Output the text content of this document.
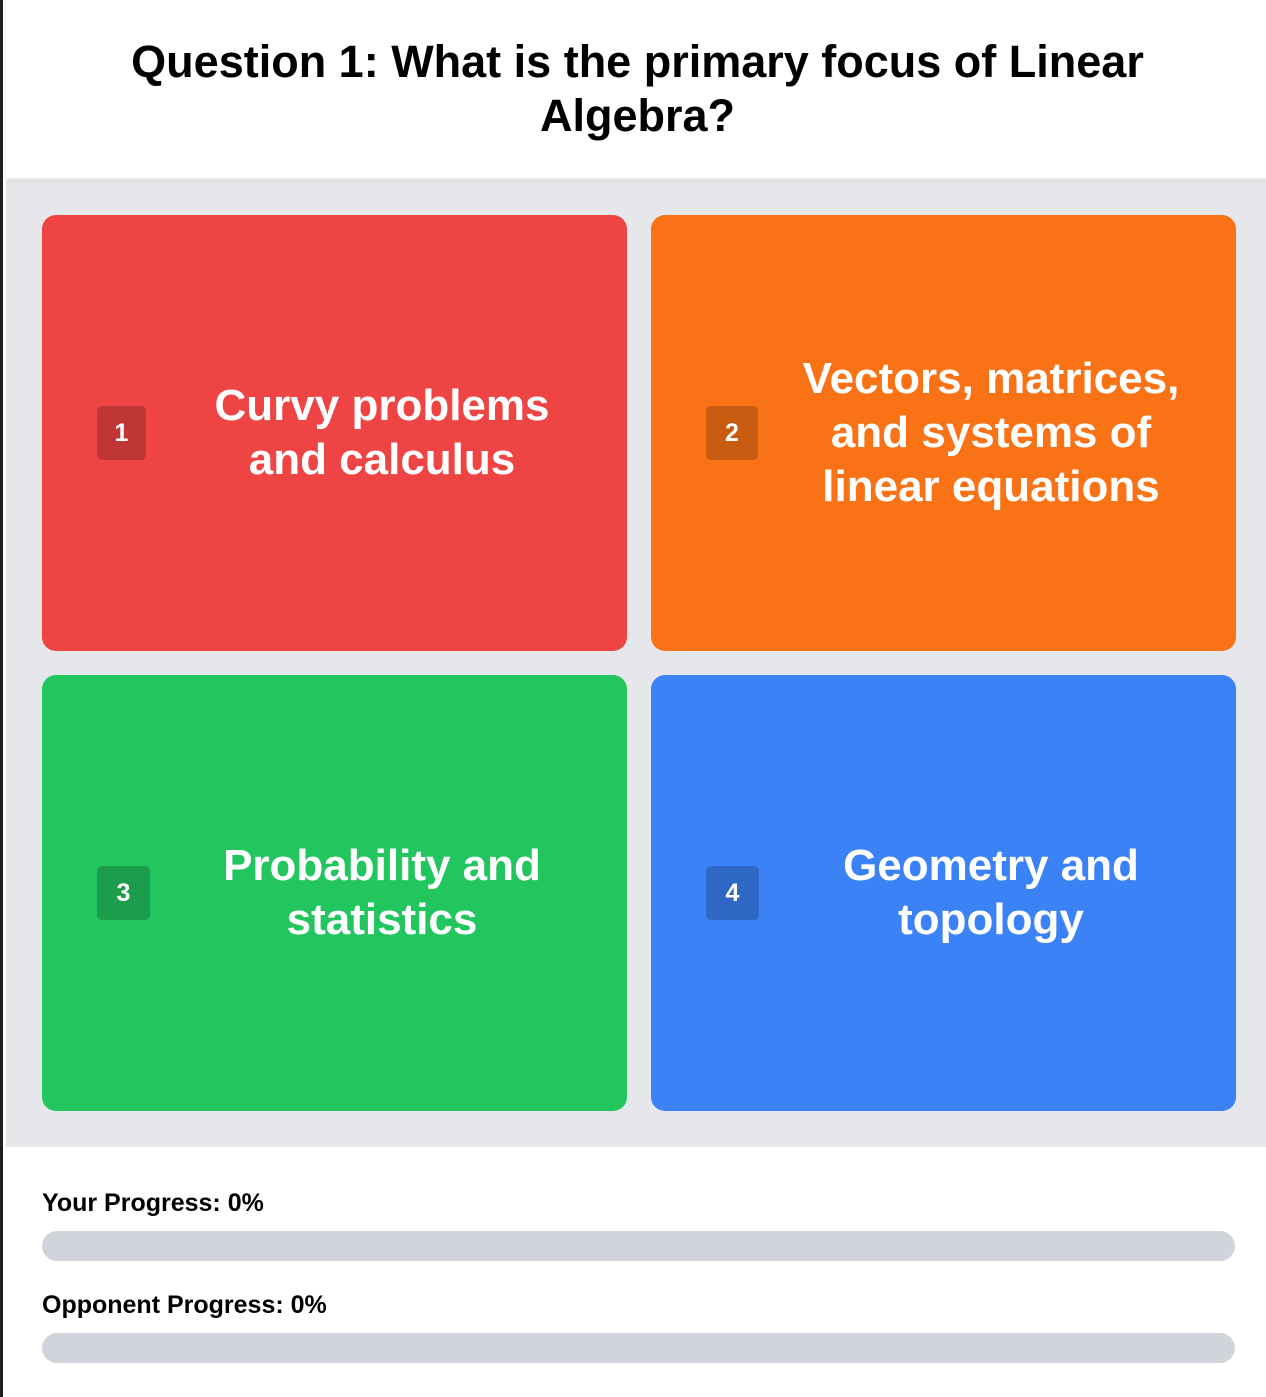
Question 1: What is the primary focus of Linear Algebra?
1
Curvy problems and calculus
2
Vectors, matrices, and systems of linear equations
3
Probability and statistics
4
Geometry and topology
Your Progress: 0%
Opponent Progress: 0%
